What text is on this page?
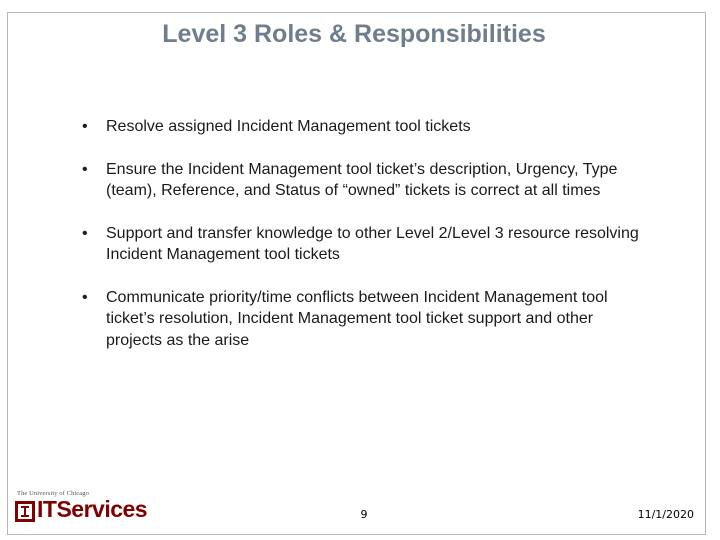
Level 3 Roles & Responsibilities
• Resolve assigned Incident Management tool tickets
• Ensure the Incident Management tool ticket’s description, Urgency, Type (team), Reference, and Status of “owned” tickets is correct at all times
• Support and transfer knowledge to other Level 2/Level 3 resource resolving Incident Management tool tickets
• Communicate priority/time conflicts between Incident Management tool ticket’s resolution, Incident Management tool ticket support and other projects as the arise
The University of Chicago
ITServices	9	11/1/2020
